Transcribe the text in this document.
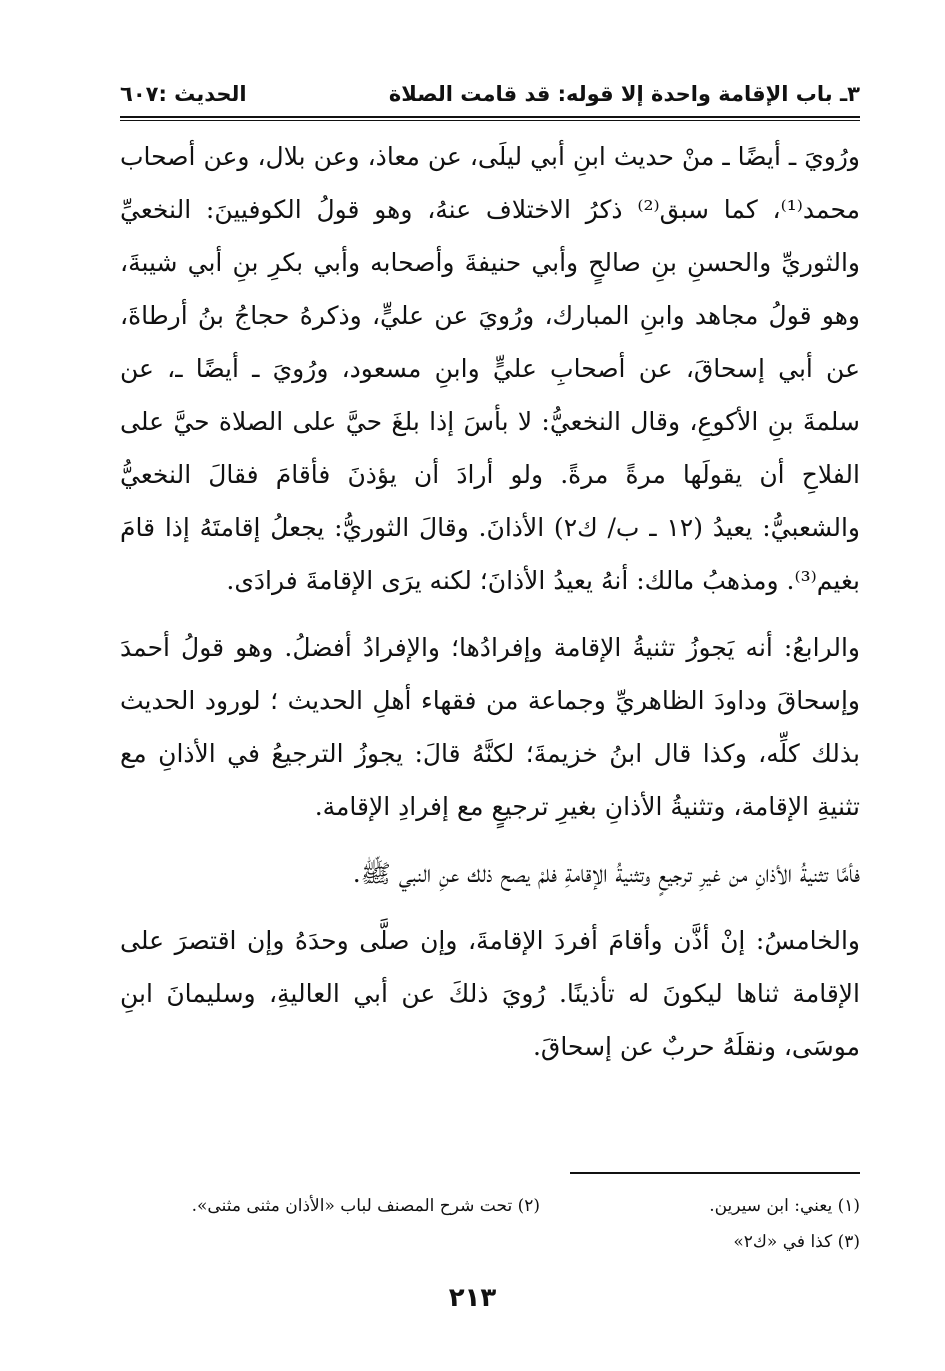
٣ـ باب الإقامة واحدة إلا قوله: قد قامت الصلاة
الحديث :٦٠٧

ورُويَ ـ أيضًا ـ منْ حديث ابنِ أبي ليلَى، عن معاذ، وعن بلال، وعن أصحاب محمد⁽¹⁾، كما سبق⁽²⁾ ذكرُ الاختلاف عنهُ، وهو قولُ الكوفيينَ: النخعيِّ والثوريِّ والحسنِ بنِ صالحٍ وأبي حنيفةَ وأصحابه وأبي بكرِ بنِ أبي شيبةَ، وهو قولُ مجاهد وابنِ المبارك، ورُويَ عن عليٍّ، وذكرهُ حجاجُ بنُ أرطاةَ، عن أبي إسحاقَ، عن أصحابِ عليٍّ وابنِ مسعود، ورُويَ ـ أيضًا ـ، عن سلمةَ بنِ الأكوعِ، وقال النخعيُّ: لا بأسَ إذا بلغَ حيَّ على الصلاة حيَّ على الفلاحِ أن يقولَها مرةً مرةً. ولو أرادَ أن يؤذنَ فأقامَ فقالَ النخعيُّ والشعبيُّ: يعيدُ (١٢ ـ ب/ ك٢) الأذانَ. وقالَ الثوريُّ: يجعلُ إقامتَهُ إذا قامَ بغيم⁽³⁾. ومذهبُ مالك: أنهُ يعيدُ الأذانَ؛ لكنه يرَى الإقامةَ فرادَى.

والرابعُ: أنه يَجوزُ تثنيةُ الإقامة وإفرادُها؛ والإفرادُ أفضلُ. وهو قولُ أحمدَ وإسحاقَ وداودَ الظاهريِّ وجماعة من فقهاء أهلِ الحديث ؛ لورود الحديث بذلك كلِّه، وكذا قال ابنُ خزيمةَ؛ لكنَّهُ قالَ: يجوزُ الترجيعُ في الأذانِ مع تثنيةِ الإقامة، وتثنيةُ الأذانِ بغيرِ ترجيعٍ مع إفرادِ الإقامة.

فأمَّا تثنيةُ الأذانِ من غيرِ ترجيعٍ وتثنيةُ الإقامةِ فلمْ يصح ذلك عنِ النبي ﷺ.

والخامسُ: إنْ أذَّن وأقامَ أفردَ الإقامةَ، وإن صلَّى وحدَهُ وإن اقتصرَ على الإقامة ثناها ليكونَ له تأذينًا. رُويَ ذلكَ عن أبي العاليةِ، وسليمانَ ابنِ موسَى، ونقلَهُ حربٌ عن إسحاقَ.

(١) يعني: ابن سيرين.
(٢) تحت شرح المصنف لباب «الأذان مثنى مثنى».
(٣) كذا في «ك٢»
٢١٣
